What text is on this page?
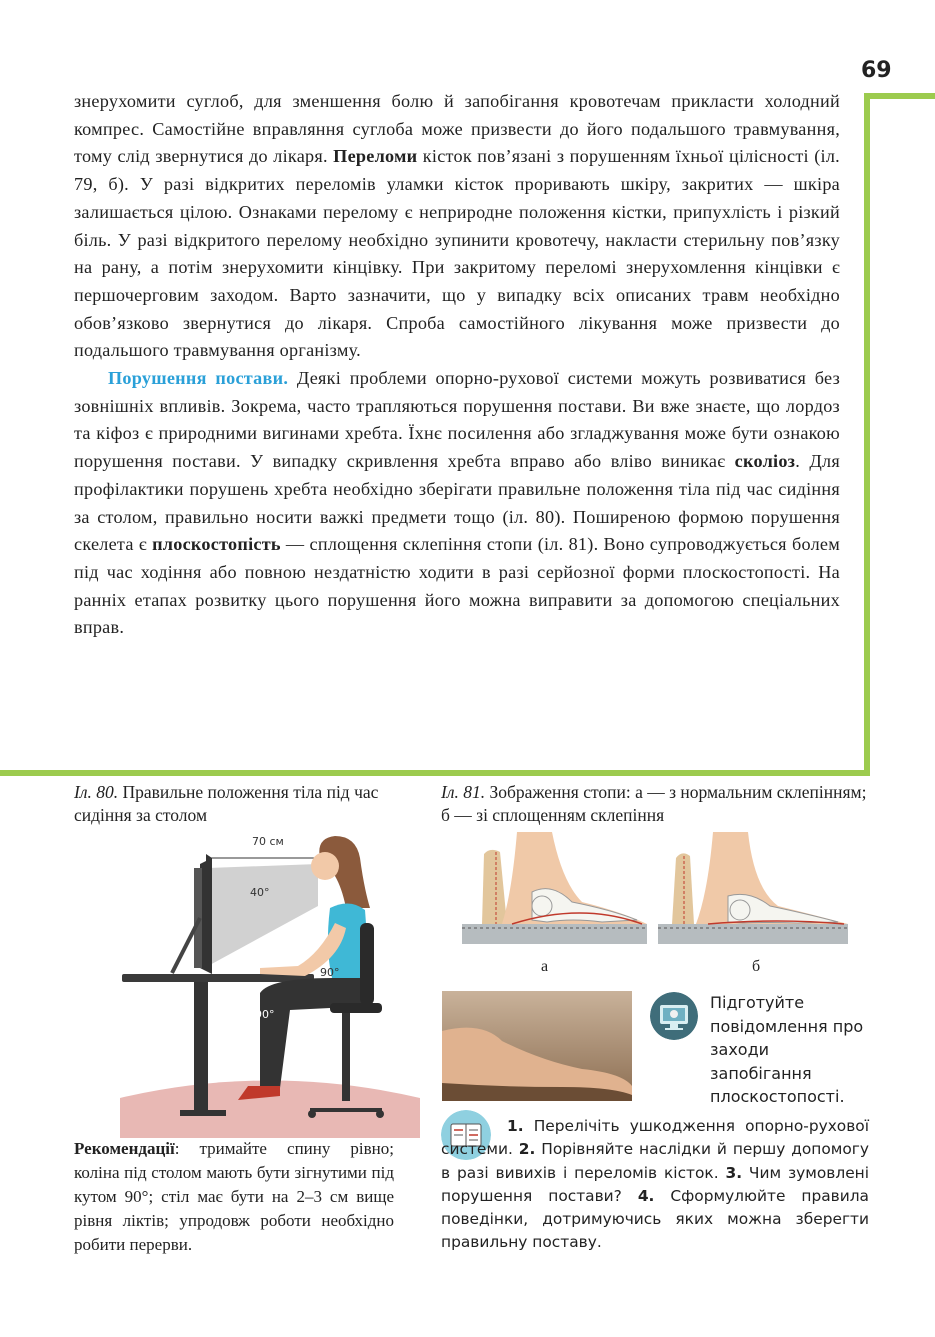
69

знерухомити суглоб, для зменшення болю й запобігання кровотечам прикласти холодний компрес. Самостійне вправляння суглоба може призвести до його подальшого травмування, тому слід звернутися до лікаря. Переломи кісток пов’язані з порушенням їхньої цілісності (іл. 79, б). У разі відкритих переломів уламки кісток проривають шкіру, закритих — шкіра залишається цілою. Ознаками перелому є неприродне положення кістки, припухлість і різкий біль. У разі відкритого перелому необхідно зупинити кровотечу, накласти стерильну пов’язку на рану, а потім знерухомити кінцівку. При закритому переломі знерухомлення кінцівки є першочерговим заходом. Варто зазначити, що у випадку всіх описаних травм необхідно обов’язково звернутися до лікаря. Спроба самостійного лікування може призвести до подальшого травмування організму.

Порушення постави. Деякі проблеми опорно-рухової системи можуть розвиватися без зовнішніх впливів. Зокрема, часто трапляються порушення постави. Ви вже знаєте, що лордоз та кіфоз є природними вигинами хребта. Їхнє посилення або згладжування може бути ознакою порушення постави. У випадку скривлення хребта вправо або вліво виникає сколіоз. Для профілактики порушень хребта необхідно зберігати правильне положення тіла під час сидіння за столом, правильно носити важкі предмети тощо (іл. 80). Поширеною формою порушення скелета є плоскостопість — сплощення склепіння стопи (іл. 81). Воно супроводжується болем під час ходіння або повною нездатністю ходити в разі серйозної форми плоскостопості. На ранніх етапах розвитку цього порушення його можна виправити за допомогою спеціальних вправ.

Іл. 80. Правильне положення тіла під час сидіння за столом
70 см
40°
90°
90°
Рекомендації: тримайте спину рівно; коліна під столом мають бути зігнутими під кутом 90°; стіл має бути на 2–3 см вище рівня ліктів; упродовж роботи необхідно робити перерви.
Іл. 81. Зображення стопи: а — з нормальним склепінням; б — зі сплощенням склепіння
а	б
Підготуйте повідомлення про заходи запобігання плоскостопості.
1. Перелічіть ушкодження опорно-рухової системи. 2. Порівняйте наслідки й першу допомогу в разі вивихів і переломів кісток. 3. Чим зумовлені порушення постави? 4. Сформулюйте правила поведінки, дотримуючись яких можна зберегти правильну поставу.
